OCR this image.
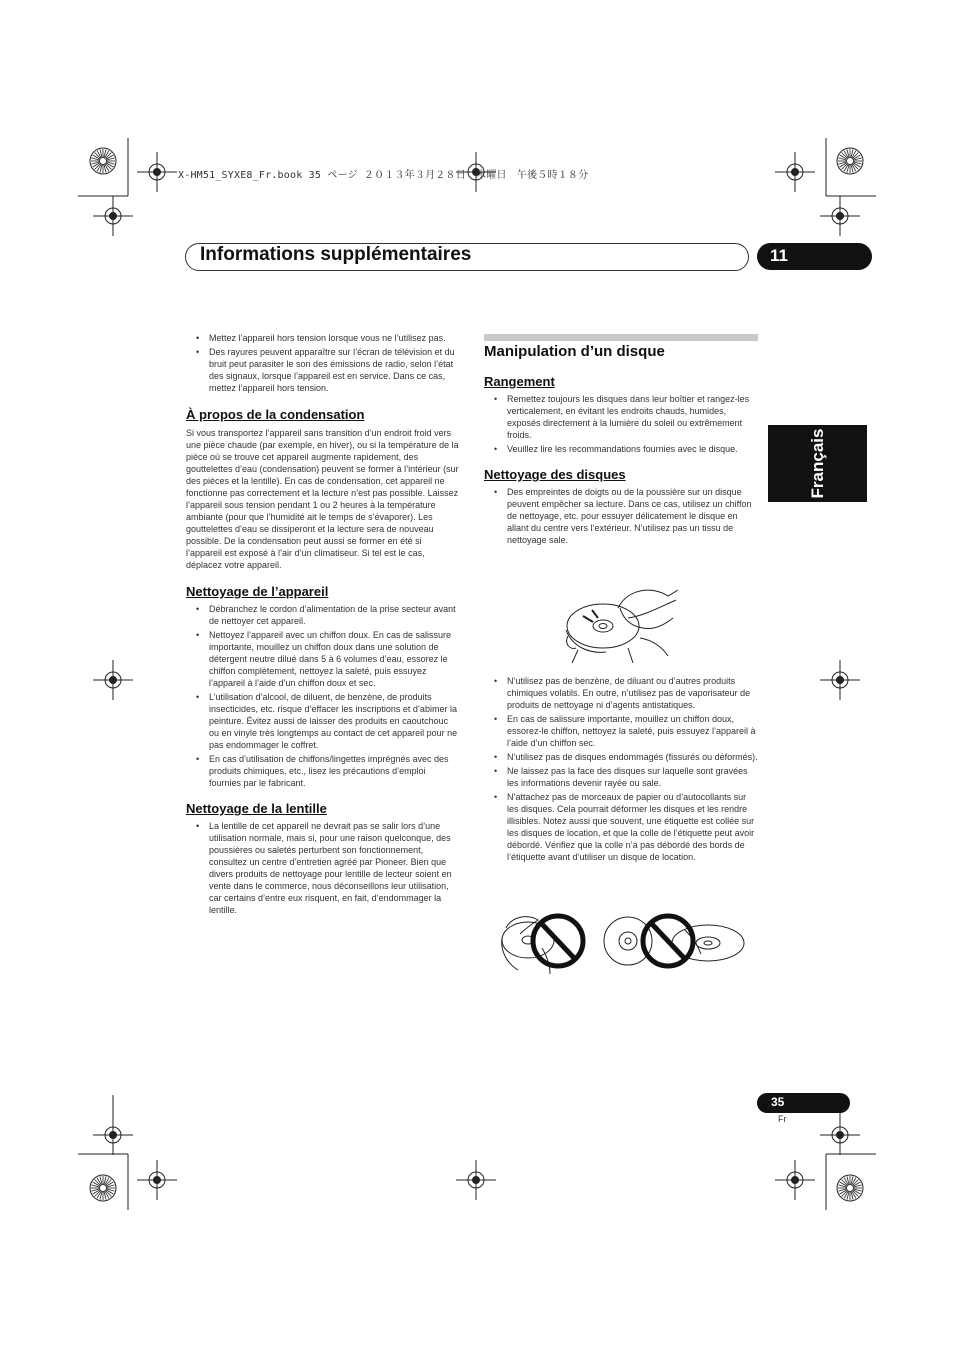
X-HM51_SYXE8_Fr.book 35 ページ ２０１３年３月２８日　木曜日　午後５時１８分
Informations supplémentaires	11
Français
• Mettez l’appareil hors tension lorsque vous ne l’utilisez pas.
• Des rayures peuvent apparaître sur l’écran de télévision et du bruit peut parasiter le son des émissions de radio, selon l’état des signaux, lorsque l’appareil est en service. Dans ce cas, mettez l’appareil hors tension.
À propos de la condensation

Si vous transportez l’appareil sans transition d’un endroit froid vers une pièce chaude (par exemple, en hiver), ou si la température de la pièce où se trouve cet appareil augmente rapidement, des gouttelettes d’eau (condensation) peuvent se former à l’intérieur (sur des pièces et la lentille). En cas de condensation, cet appareil ne fonctionne pas correctement et la lecture n’est pas possible. Laissez l’appareil sous tension pendant 1 ou 2 heures à la température ambiante (pour que l’humidité ait le temps de s’évaporer). Les gouttelettes d’eau se dissiperont et la lecture sera de nouveau possible. De la condensation peut aussi se former en été si l’appareil est exposé à l’air d’un climatiseur. Si tel est le cas, déplacez votre appareil.

Nettoyage de l’appareil
• Débranchez le cordon d’alimentation de la prise secteur avant de nettoyer cet appareil.
• Nettoyez l’appareil avec un chiffon doux. En cas de salissure importante, mouillez un chiffon doux dans une solution de détergent neutre dilué dans 5 à 6 volumes d’eau, essorez le chiffon complètement, nettoyez la saleté, puis essuyez l’appareil à l’aide d’un chiffon doux et sec.
• L’utilisation d’alcool, de diluent, de benzène, de produits insecticides, etc. risque d’effacer les inscriptions et d’abimer la peinture. Évitez aussi de laisser des produits en caoutchouc ou en vinyle très longtemps au contact de cet appareil pour ne pas endommager le coffret.
• En cas d’utilisation de chiffons/lingettes imprégnés avec des produits chimiques, etc., lisez les précautions d’emploi fournies par le fabricant.
Nettoyage de la lentille
• La lentille de cet appareil ne devrait pas se salir lors d’une utilisation normale, mais si, pour une raison quelconque, des poussières ou saletés perturbent son fonctionnement, consultez un centre d’entretien agréé par Pioneer. Bien que divers produits de nettoyage pour lentille de lecteur soient en vente dans le commerce, nous déconseillons leur utilisation, car certains d’entre eux risquent, en fait, d’endommager la lentille.
Manipulation d’un disque
Rangement
• Remettez toujours les disques dans leur boîtier et rangez-les verticalement, en évitant les endroits chauds, humides, exposés directement à la lumière du soleil ou extrêmement froids.
• Veuillez lire les recommandations fournies avec le disque.
Nettoyage des disques
• Des empreintes de doigts ou de la poussière sur un disque peuvent empêcher sa lecture. Dans ce cas, utilisez un chiffon de nettoyage, etc. pour essuyer délicatement le disque en allant du centre vers l’extérieur. N’utilisez pas un tissu de nettoyage sale.
• N’utilisez pas de benzène, de diluant ou d’autres produits chimiques volatils. En outre, n’utilisez pas de vaporisateur de produits de nettoyage ni d’agents antistatiques.
• En cas de salissure importante, mouillez un chiffon doux, essorez-le chiffon, nettoyez la saleté, puis essuyez l’appareil à l’aide d’un chiffon sec.
• N’utilisez pas de disques endommagés (fissurés ou déformés).
• Ne laissez pas la face des disques sur laquelle sont gravées les informations devenir rayée ou sale.
• N’attachez pas de morceaux de papier ou d’autocollants sur les disques. Cela pourrait déformer les disques et les rendre illisibles. Notez aussi que souvent, une étiquette est collée sur les disques de location, et que la colle de l’étiquette peut avoir débordé. Vérifiez que la colle n’a pas débordé des bords de l’étiquette avant d’utiliser un disque de location.
35
Fr
